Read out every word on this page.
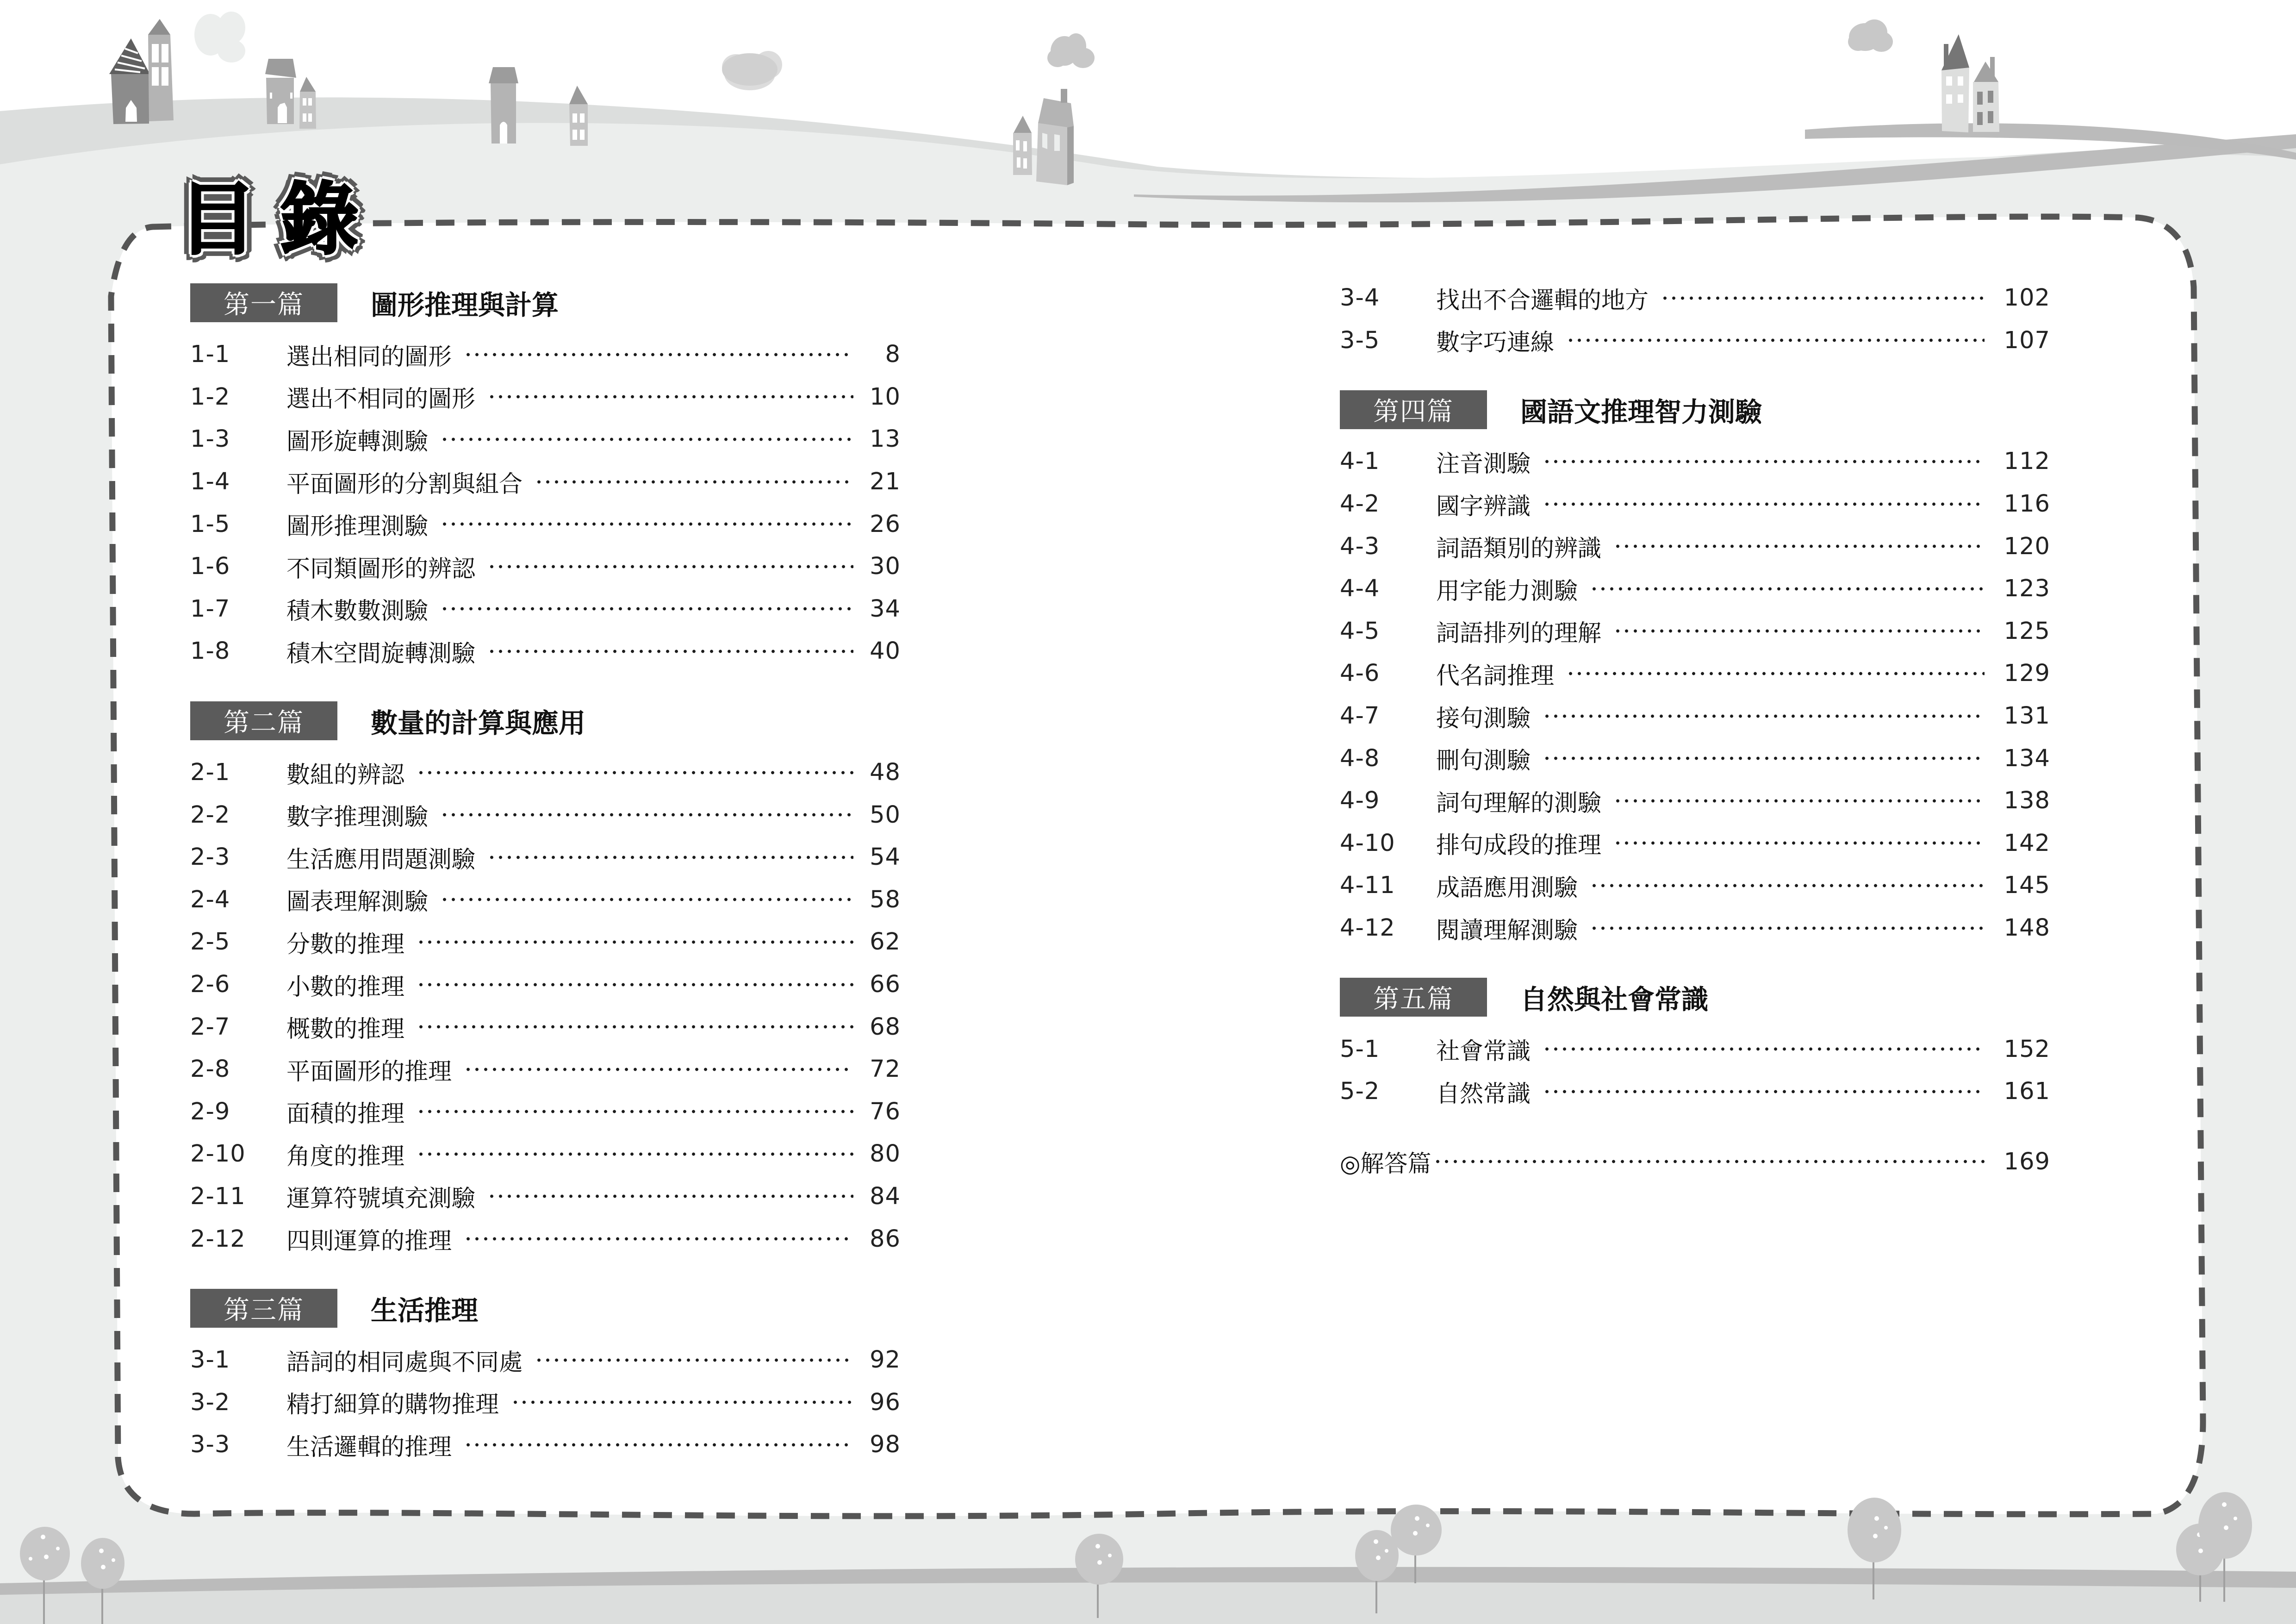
目 錄
第一篇	圖形推理與計算
1-1	選出相同的圖形	8
1-2	選出不相同的圖形	10
1-3	圖形旋轉測驗	13
1-4	平面圖形的分割與組合	21
1-5	圖形推理測驗	26
1-6	不同類圖形的辨認	30
1-7	積木數數測驗	34
1-8	積木空間旋轉測驗	40
第二篇	數量的計算與應用
2-1	數組的辨認	48
2-2	數字推理測驗	50
2-3	生活應用問題測驗	54
2-4	圖表理解測驗	58
2-5	分數的推理	62
2-6	小數的推理	66
2-7	概數的推理	68
2-8	平面圖形的推理	72
2-9	面積的推理	76
2-10	角度的推理	80
2-11	運算符號填充測驗	84
2-12	四則運算的推理	86
第三篇	生活推理
3-1	語詞的相同處與不同處	92
3-2	精打細算的購物推理	96
3-3	生活邏輯的推理	98
3-4	找出不合邏輯的地方	102
3-5	數字巧連線	107
第四篇	國語文推理智力測驗
4-1	注音測驗	112
4-2	國字辨識	116
4-3	詞語類別的辨識	120
4-4	用字能力測驗	123
4-5	詞語排列的理解	125
4-6	代名詞推理	129
4-7	接句測驗	131
4-8	刪句測驗	134
4-9	詞句理解的測驗	138
4-10	排句成段的推理	142
4-11	成語應用測驗	145
4-12	閱讀理解測驗	148
第五篇	自然與社會常識
5-1	社會常識	152
5-2	自然常識	161
◎解答篇	169
